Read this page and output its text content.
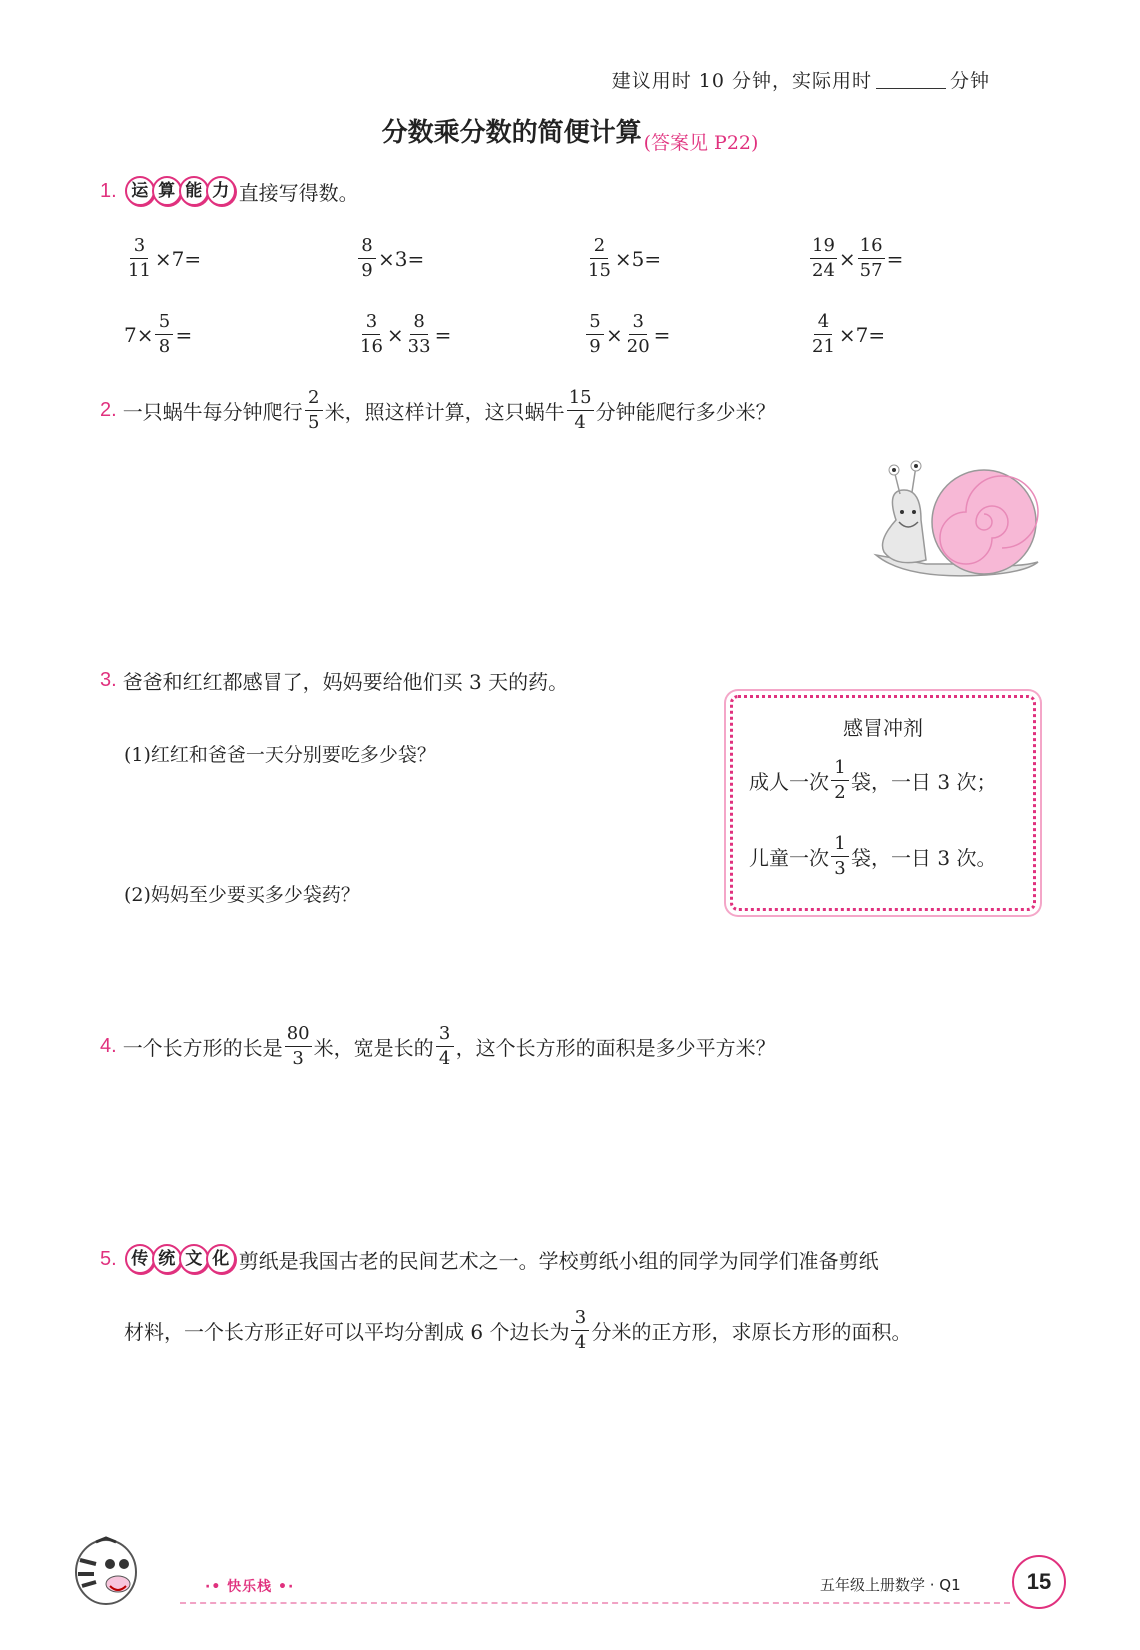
建议用时 10 分钟，实际用时	分钟
分数乘分数的简便计算 $_{(答案见 P22)}$
1. 运 算 能 力 直接写得数。
$\frac{3}{11} \times 7=$	$\frac{8}{9} \times 3=$	$\frac{2}{15} \times 5=$	$\frac{19}{24} \times \frac{16}{57}$ =
$7\times \frac{5}{8}$ =	$\frac{3}{16} \times \frac{8}{33}$ =	$\frac{5}{9} \times \frac{3}{20}$ =	$\frac{4}{21} \times 7=$
2. 一只蜗牛每分钟爬行 $\frac{2}{5}$ 米，照这样计算，这只蜗牛 $\frac{15}{4}$ 分钟能爬行多少米？
3. 爸爸和红红都感冒了，妈妈要给他们买 3 天的药。
(1)红红和爸爸一天分别要吃多少袋？
(2)妈妈至少要买多少袋药？
感冒冲剂
成人一次 $\frac{1}{2}$ 袋，一日 3 次；
儿童一次 $\frac{1}{3}$ 袋，一日 3 次。
4. 一个长方形的长是 $\frac{80}{3}$ 米，宽是长的 $\frac{3}{4}$ ，这个长方形的面积是多少平方米？
5. 传 统 文 化 剪纸是我国古老的民间艺术之一。学校剪纸小组的同学为同学们准备剪纸
材料，一个长方形正好可以平均分割成 6 个边长为 $\frac{3}{4}$ 分米的正方形，求原长方形的面积。
·• 快乐栈 •·	五年级上册数学 · Q1	15
